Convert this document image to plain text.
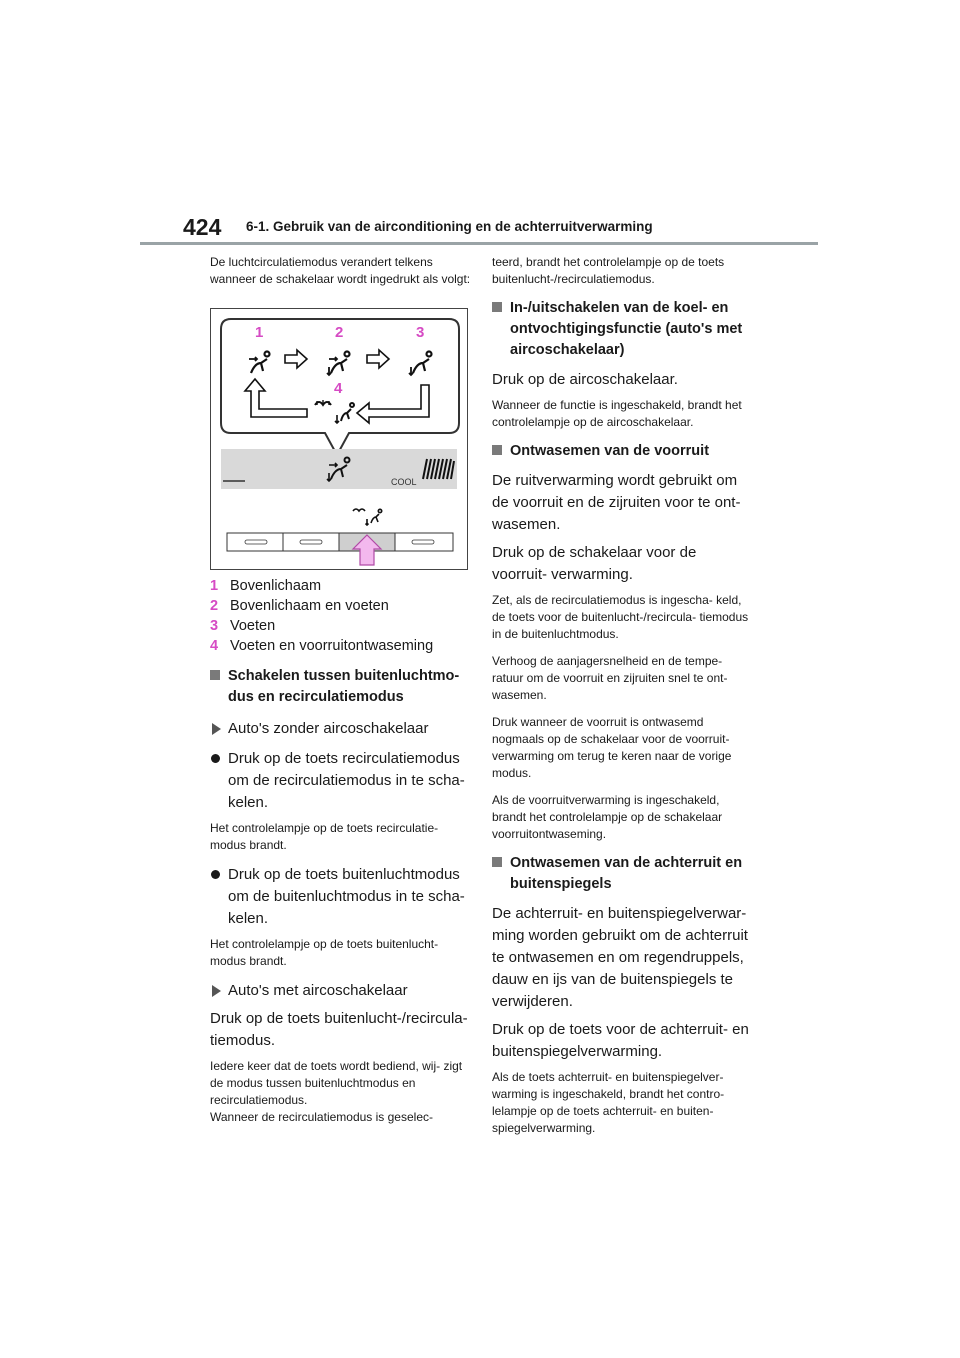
424 6-1. Gebruik van de airconditioning en de achterruitverwarming

De luchtcirculatiemodus verandert telkens wanneer de schakelaar wordt ingedrukt als volgt:

1	2	3
4
COOL
1 Bovenlichaam
2 Bovenlichaam en voeten
3 Voeten
4 Voeten en voorruitontwaseming
Schakelen tussen buitenluchtmo- dus en recirculatiemodus
Auto's zonder aircoschakelaar
Druk op de toets recirculatiemodus om de recirculatiemodus in te scha- kelen.

Het controlelampje op de toets recirculatie- modus brandt.

Druk op de toets buitenluchtmodus om de buitenluchtmodus in te scha- kelen.

Het controlelampje op de toets buitenlucht- modus brandt.

Auto's met aircoschakelaar

Druk op de toets buitenlucht-/recircula- tiemodus.

Iedere keer dat de toets wordt bediend, wij- zigt de modus tussen buitenluchtmodus en recirculatiemodus.

Wanneer de recirculatiemodus is geselec-

teerd, brandt het controlelampje op de toets buitenlucht-/recirculatiemodus.

In-/uitschakelen van de koel- en ontvochtigingsfunctie (auto's met aircoschakelaar)

Druk op de aircoschakelaar.

Wanneer de functie is ingeschakeld, brandt het controlelampje op de aircoschakelaar.

Ontwasemen van de voorruit

De ruitverwarming wordt gebruikt om de voorruit en de zijruiten voor te ont- wasemen.

Druk op de schakelaar voor de voorruit- verwarming.

Zet, als de recirculatiemodus is ingescha- keld, de toets voor de buitenlucht-/recircula- tiemodus in de buitenluchtmodus.

Verhoog de aanjagersnelheid en de tempe- ratuur om de voorruit en zijruiten snel te ont- wasemen.

Druk wanneer de voorruit is ontwasemd nogmaals op de schakelaar voor de voorruit- verwarming om terug te keren naar de vorige modus.

Als de voorruitverwarming is ingeschakeld, brandt het controlelampje op de schakelaar voorruitontwaseming.

Ontwasemen van de achterruit en buitenspiegels

De achterruit- en buitenspiegelverwar- ming worden gebruikt om de achterruit te ontwasemen en om regendruppels, dauw en ijs van de buitenspiegels te verwijderen.

Druk op de toets voor de achterruit- en buitenspiegelverwarming.

Als de toets achterruit- en buitenspiegelver- warming is ingeschakeld, brandt het contro- lelampje op de toets achterruit- en buiten- spiegelverwarming.
